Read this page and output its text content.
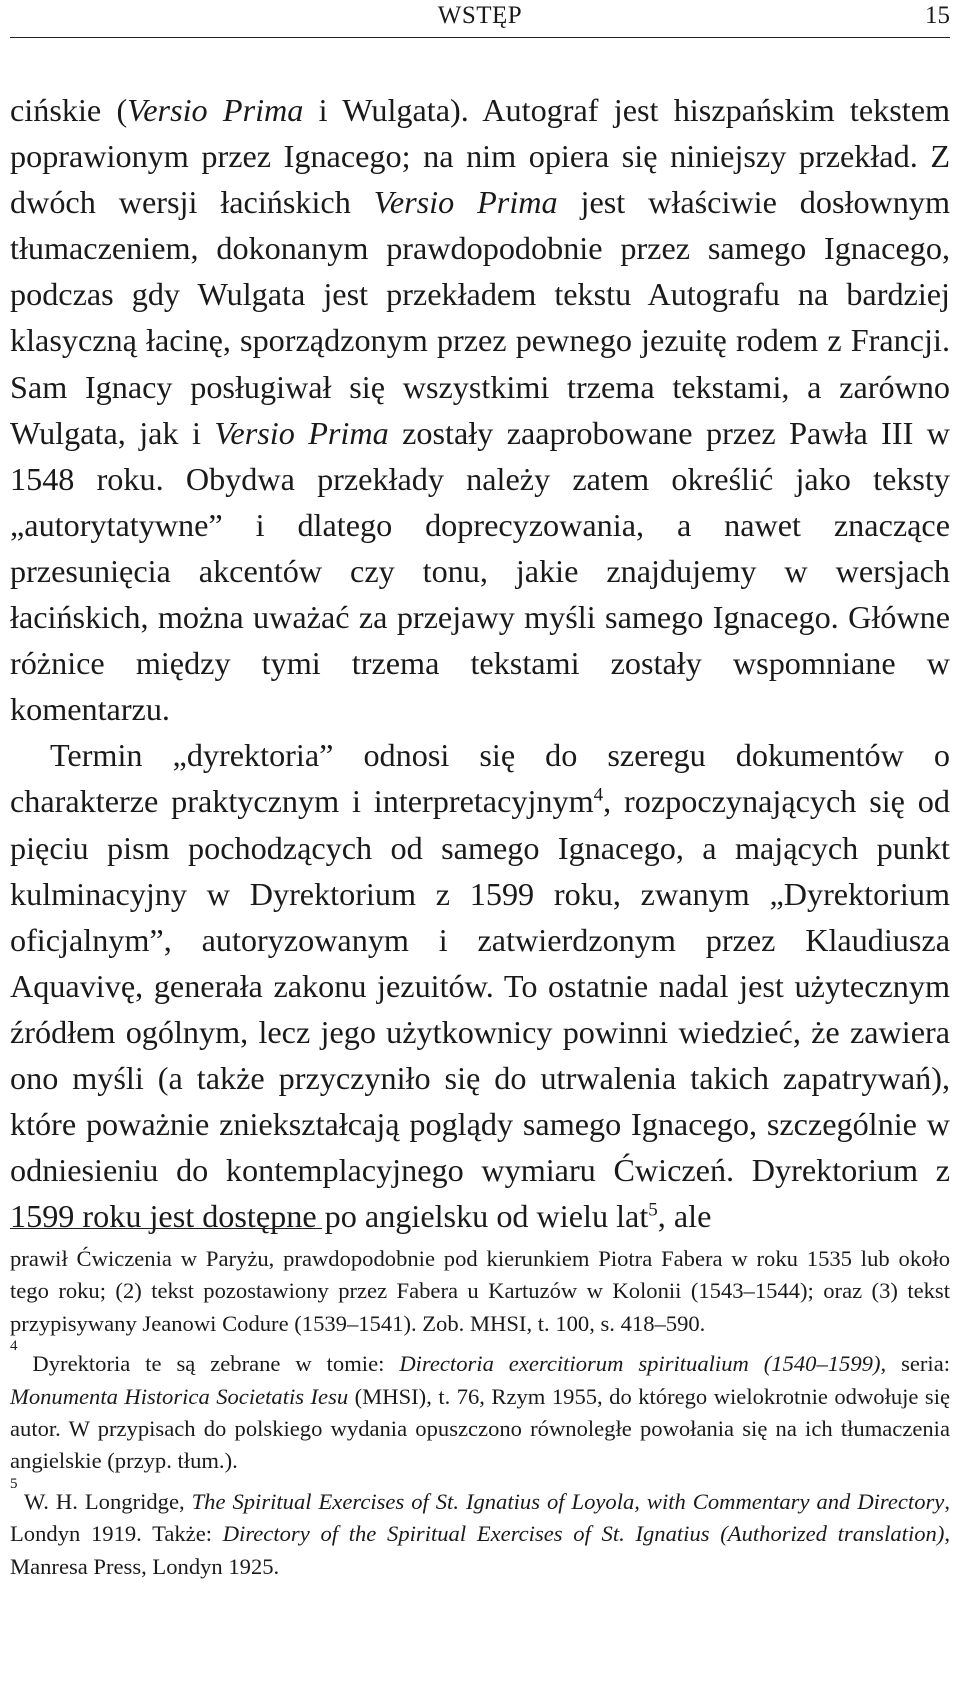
WSTĘP	15

cińskie (Versio Prima i Wulgata). Autograf jest hiszpańskim tekstem poprawionym przez Ignacego; na nim opiera się niniejszy przekład. Z dwóch wersji łacińskich Versio Prima jest właściwie dosłownym tłumaczeniem, dokonanym prawdopodobnie przez samego Ignacego, podczas gdy Wulgata jest przekładem tekstu Autografu na bardziej klasyczną łacinę, sporządzonym przez pewnego jezuitę rodem z Francji. Sam Ignacy posługiwał się wszystkimi trzema tekstami, a zarówno Wulgata, jak i Versio Prima zostały zaaprobowane przez Pawła III w 1548 roku. Obydwa przekłady należy zatem określić jako teksty „autorytatywne” i dlatego doprecyzowania, a nawet znaczące przesunięcia akcentów czy tonu, jakie znajdujemy w wersjach łacińskich, można uważać za przejawy myśli samego Ignacego. Główne różnice między tymi trzema tekstami zostały wspomniane w komentarzu.

Termin „dyrektoria” odnosi się do szeregu dokumentów o charakterze praktycznym i interpretacyjnym$^4$, rozpoczynających się od pięciu pism pochodzących od samego Ignacego, a mających punkt kulminacyjny w Dyrektorium z 1599 roku, zwanym „Dyrektorium oficjalnym”, autoryzowanym i zatwierdzonym przez Klaudiusza Aquavivę, generała zakonu jezuitów. To ostatnie nadal jest użytecznym źródłem ogólnym, lecz jego użytkownicy powinni wiedzieć, że zawiera ono myśli (a także przyczyniło się do utrwalenia takich zapatrywań), które poważnie zniekształcają poglądy samego Ignacego, szczególnie w odniesieniu do kontemplacyjnego wymiaru Ćwiczeń. Dyrektorium z 1599 roku jest dostępne po angielsku od wielu lat$^5$, ale

prawił Ćwiczenia w Paryżu, prawdopodobnie pod kierunkiem Piotra Fabera w roku 1535 lub około tego roku; (2) tekst pozostawiony przez Fabera u Kartuzów w Kolonii (1543–1544); oraz (3) tekst przypisywany Jeanowi Codure (1539–1541). Zob. MHSI, t. 100, s. 418–590.

$^4$ Dyrektoria te są zebrane w tomie: Directoria exercitiorum spiritualium (1540–1599), seria: Monumenta Historica Societatis Iesu (MHSI), t. 76, Rzym 1955, do którego wielokrotnie odwołuje się autor. W przypisach do polskiego wydania opuszczono równoległe powołania się na ich tłumaczenia angielskie (przyp. tłum.).

$^5$ W. H. Longridge, The Spiritual Exercises of St. Ignatius of Loyola, with Commentary and Directory, Londyn 1919. Także: Directory of the Spiritual Exercises of St. Ignatius (Authorized translation), Manresa Press, Londyn 1925.
